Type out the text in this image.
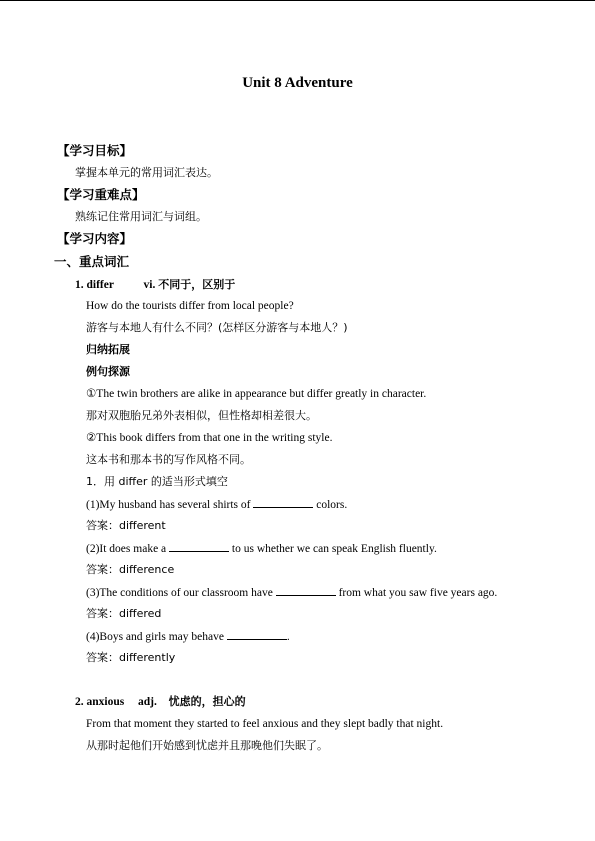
Unit 8 Adventure
【学习目标】
掌握本单元的常用词汇表达。
【学习重难点】
熟练记住常用词汇与词组。
【学习内容】
一、重点词汇
1. differ	vi. 不同于，区别于
How do the tourists differ from local people?
游客与本地人有什么不同？(怎样区分游客与本地人？)
归纳拓展
例句探源
①The twin brothers are alike in appearance but differ greatly in character.
那对双胞胎兄弟外表相似，但性格却相差很大。
②This book differs from that one in the writing style.
这本书和那本书的写作风格不同。
1．用 differ 的适当形式填空
(1)My husband has several shirts of	colors.
答案：different
(2)It does make a	to us whether we can speak English fluently.
答案：difference
(3)The conditions of our classroom have	from what you saw five years ago.
答案：differed
(4)Boys and girls may behave	.
答案：differently
2. anxious adj. 忧虑的，担心的
From that moment they started to feel anxious and they slept badly that night.
从那时起他们开始感到忧虑并且那晚他们失眠了。
